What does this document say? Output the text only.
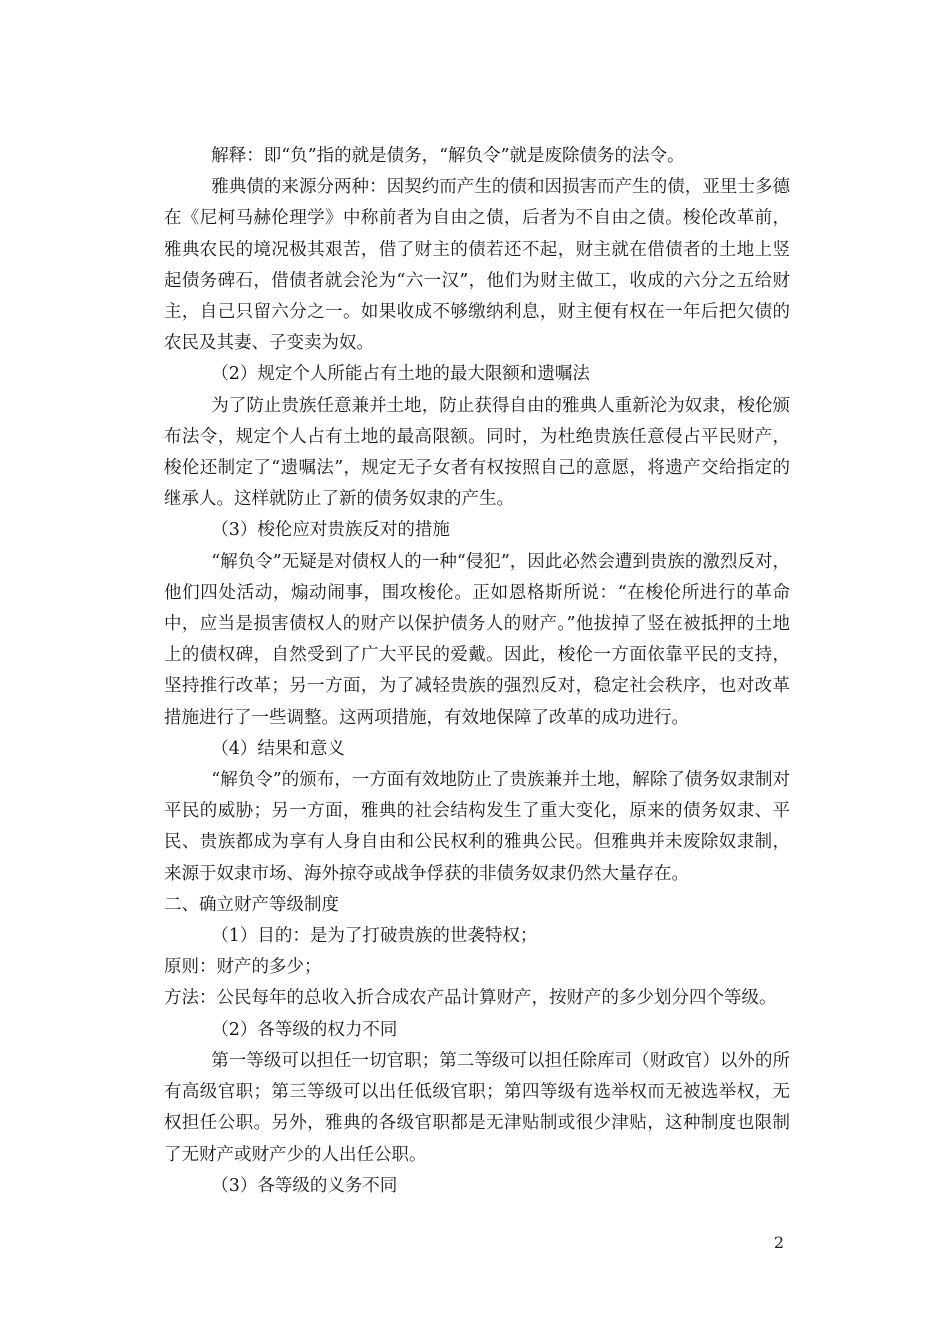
解释：即“负”指的就是债务，“解负令”就是废除债务的法令。

雅典债的来源分两种：因契约而产生的债和因损害而产生的债，亚里士多德在《尼柯马赫伦理学》中称前者为自由之债，后者为不自由之债。梭伦改革前，雅典农民的境况极其艰苦，借了财主的债若还不起，财主就在借债者的土地上竖起债务碑石，借债者就会沦为“六一汉”，他们为财主做工，收成的六分之五给财主，自己只留六分之一。如果收成不够缴纳利息，财主便有权在一年后把欠债的农民及其妻、子变卖为奴。

（2）规定个人所能占有土地的最大限额和遗嘱法

为了防止贵族任意兼并土地，防止获得自由的雅典人重新沦为奴隶，梭伦颁布法令，规定个人占有土地的最高限额。同时，为杜绝贵族任意侵占平民财产，梭伦还制定了“遗嘱法”，规定无子女者有权按照自己的意愿，将遗产交给指定的继承人。这样就防止了新的债务奴隶的产生。

（3）梭伦应对贵族反对的措施

“解负令”无疑是对债权人的一种“侵犯”，因此必然会遭到贵族的激烈反对，他们四处活动，煽动闹事，围攻梭伦。正如恩格斯所说：“在梭伦所进行的革命中，应当是损害债权人的财产以保护债务人的财产。”他拔掉了竖在被抵押的土地上的债权碑，自然受到了广大平民的爱戴。因此，梭伦一方面依靠平民的支持，坚持推行改革；另一方面，为了减轻贵族的强烈反对，稳定社会秩序，也对改革措施进行了一些调整。这两项措施，有效地保障了改革的成功进行。

（4）结果和意义

“解负令”的颁布，一方面有效地防止了贵族兼并土地，解除了债务奴隶制对平民的威胁；另一方面，雅典的社会结构发生了重大变化，原来的债务奴隶、平民、贵族都成为享有人身自由和公民权利的雅典公民。但雅典并未废除奴隶制，来源于奴隶市场、海外掠夺或战争俘获的非债务奴隶仍然大量存在。

二、确立财产等级制度

（1）目的：是为了打破贵族的世袭特权；

原则：财产的多少；

方法：公民每年的总收入折合成农产品计算财产，按财产的多少划分四个等级。

（2）各等级的权力不同

第一等级可以担任一切官职；第二等级可以担任除库司（财政官）以外的所有高级官职；第三等级可以出任低级官职；第四等级有选举权而无被选举权，无权担任公职。另外，雅典的各级官职都是无津贴制或很少津贴，这种制度也限制了无财产或财产少的人出任公职。

（3）各等级的义务不同

2
